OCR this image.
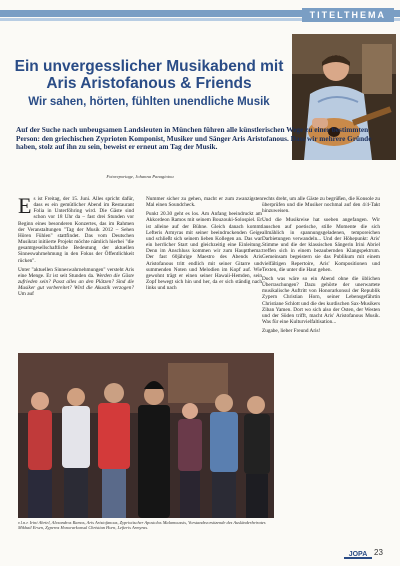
TITELTHEMA
Ein unvergesslicher Musikabend mit Aris Aristofanous & Friends
Wir sahen, hörten, fühlten unendliche Musik
Auf der Suche nach unbeugsamen Landsleuten in München führen alle künstlerischen Wege zu einer bestimmten Person: den griechischen Zyprioten Komponist, Musiker und Sänger Aris Aristofanous. Dass wir mehrere Gründe haben, stolz auf ihn zu sein, beweist er erneut am Tag der Musik.
Fotoreportage, Johanna Panagiotou

E s ist Freitag, der 15. Juni. Alles spricht dafür, dass es ein gemütlicher Abend im Restaurant Folia in Unterföhring wird. Die Gäste sind schon vor 18 Uhr da – fast drei Stunden vor Beginn eines besonderen Konzertes, das im Rahmen der Veranstaltungen "Tag der Musik 2012 – Sehen Hören Fühlen" stattfindet. Das vom Deutschen Musikrat initiierte Projekt möchte nämlich hierbei "die gesamtgesellschaftliche Bedeutung der aktuellen Sinneswahrnehmung in den Fokus der Öffentlichkeit rücken".

Unter "aktuellen Sinneswahrnehmungen" versteht Aris eine Menge. Er ist seit Stunden da. Werden die Gäste zufrieden sein? Passt alles an den Plätzen? Sind die Musiker gut vorbereitet? Wird die Akustik verzogen? Um auf

Nummer sicher zu gehen, macht er zum zwanzigsten Mal einen Soundcheck.

Punkt 20.30 geht es los. Am Anfang beeindruckt am Akkordeon Ramos mit seinem Bouzouki-Solospiel. Er ist alleine auf der Bühne. Gleich danach kommt Lefteris Armyras mit seiner beeindruckenden Geige und schließt sich seinem lieben Kollegen an. Das war ein herrlicher Start und gleichzeitig eine Einleitung. Denn im Anschluss kommen wir zum Hauptthema: Der fast 60jährige Maestro des Abends Aris Aristofanous tritt endlich mit seiner Gitarre und summenden Noten und Melodien im Kopf auf. Wie gewohnt trägt er einen seiner Hawaii-Hemden, sein Zopf bewegt sich hin und her, da er sich ständig nach links und nach

rechts dreht, um alle Gäste zu begrüßen, die Konsole zu überprüfen und die Musiker nochmal auf den 4/4-Takt hinzuweisen.

Und die Musikreise hat soeben angefangen. Wir lauschen auf poetische, stille Momente die sich allmählich in spannungsgeladenen, temporeichen Darbietungen verwandeln... Und der Höhepunkt: Aris' Stimme und die der klassischen Sängerin Irini Abriel treffen sich in einem bezaubernden Klangspektrum. Gemeinsam begeistern sie das Publikum mit einem vielfältigen Repertoire, Aris' Kompositionen und Texten, die unter die Haut gehen.

Doch was wäre so ein Abend ohne die üblichen Überraschungen? Dazu gehörte der unerwartete musikalische Auftritt von Honorarkonsul der Republik Zypern Christian Horn, seiner Lebensgefährtin Christiane Schlott und die des kurdischen Sax-Musikers Ziban Yamen. Dort wo sich also der Osten, der Westen und der Süden trifft, macht Aris' Aristofanous Musik. Was für eine Kulturvielfaltisation...

Zugabe, lieber Freund Aris!

v.l.n.r. Irini Abriel, Alexandros Ramos, Aris Aristofanous, Zypriotischer Apostolos Malamoussis, Vorstandsvorsitzende des Ausländerbeirates Mikhail Ersen, Zyperns Honorarkonsul Christian Horn, Lefteris Armyras.
JOPA 23
